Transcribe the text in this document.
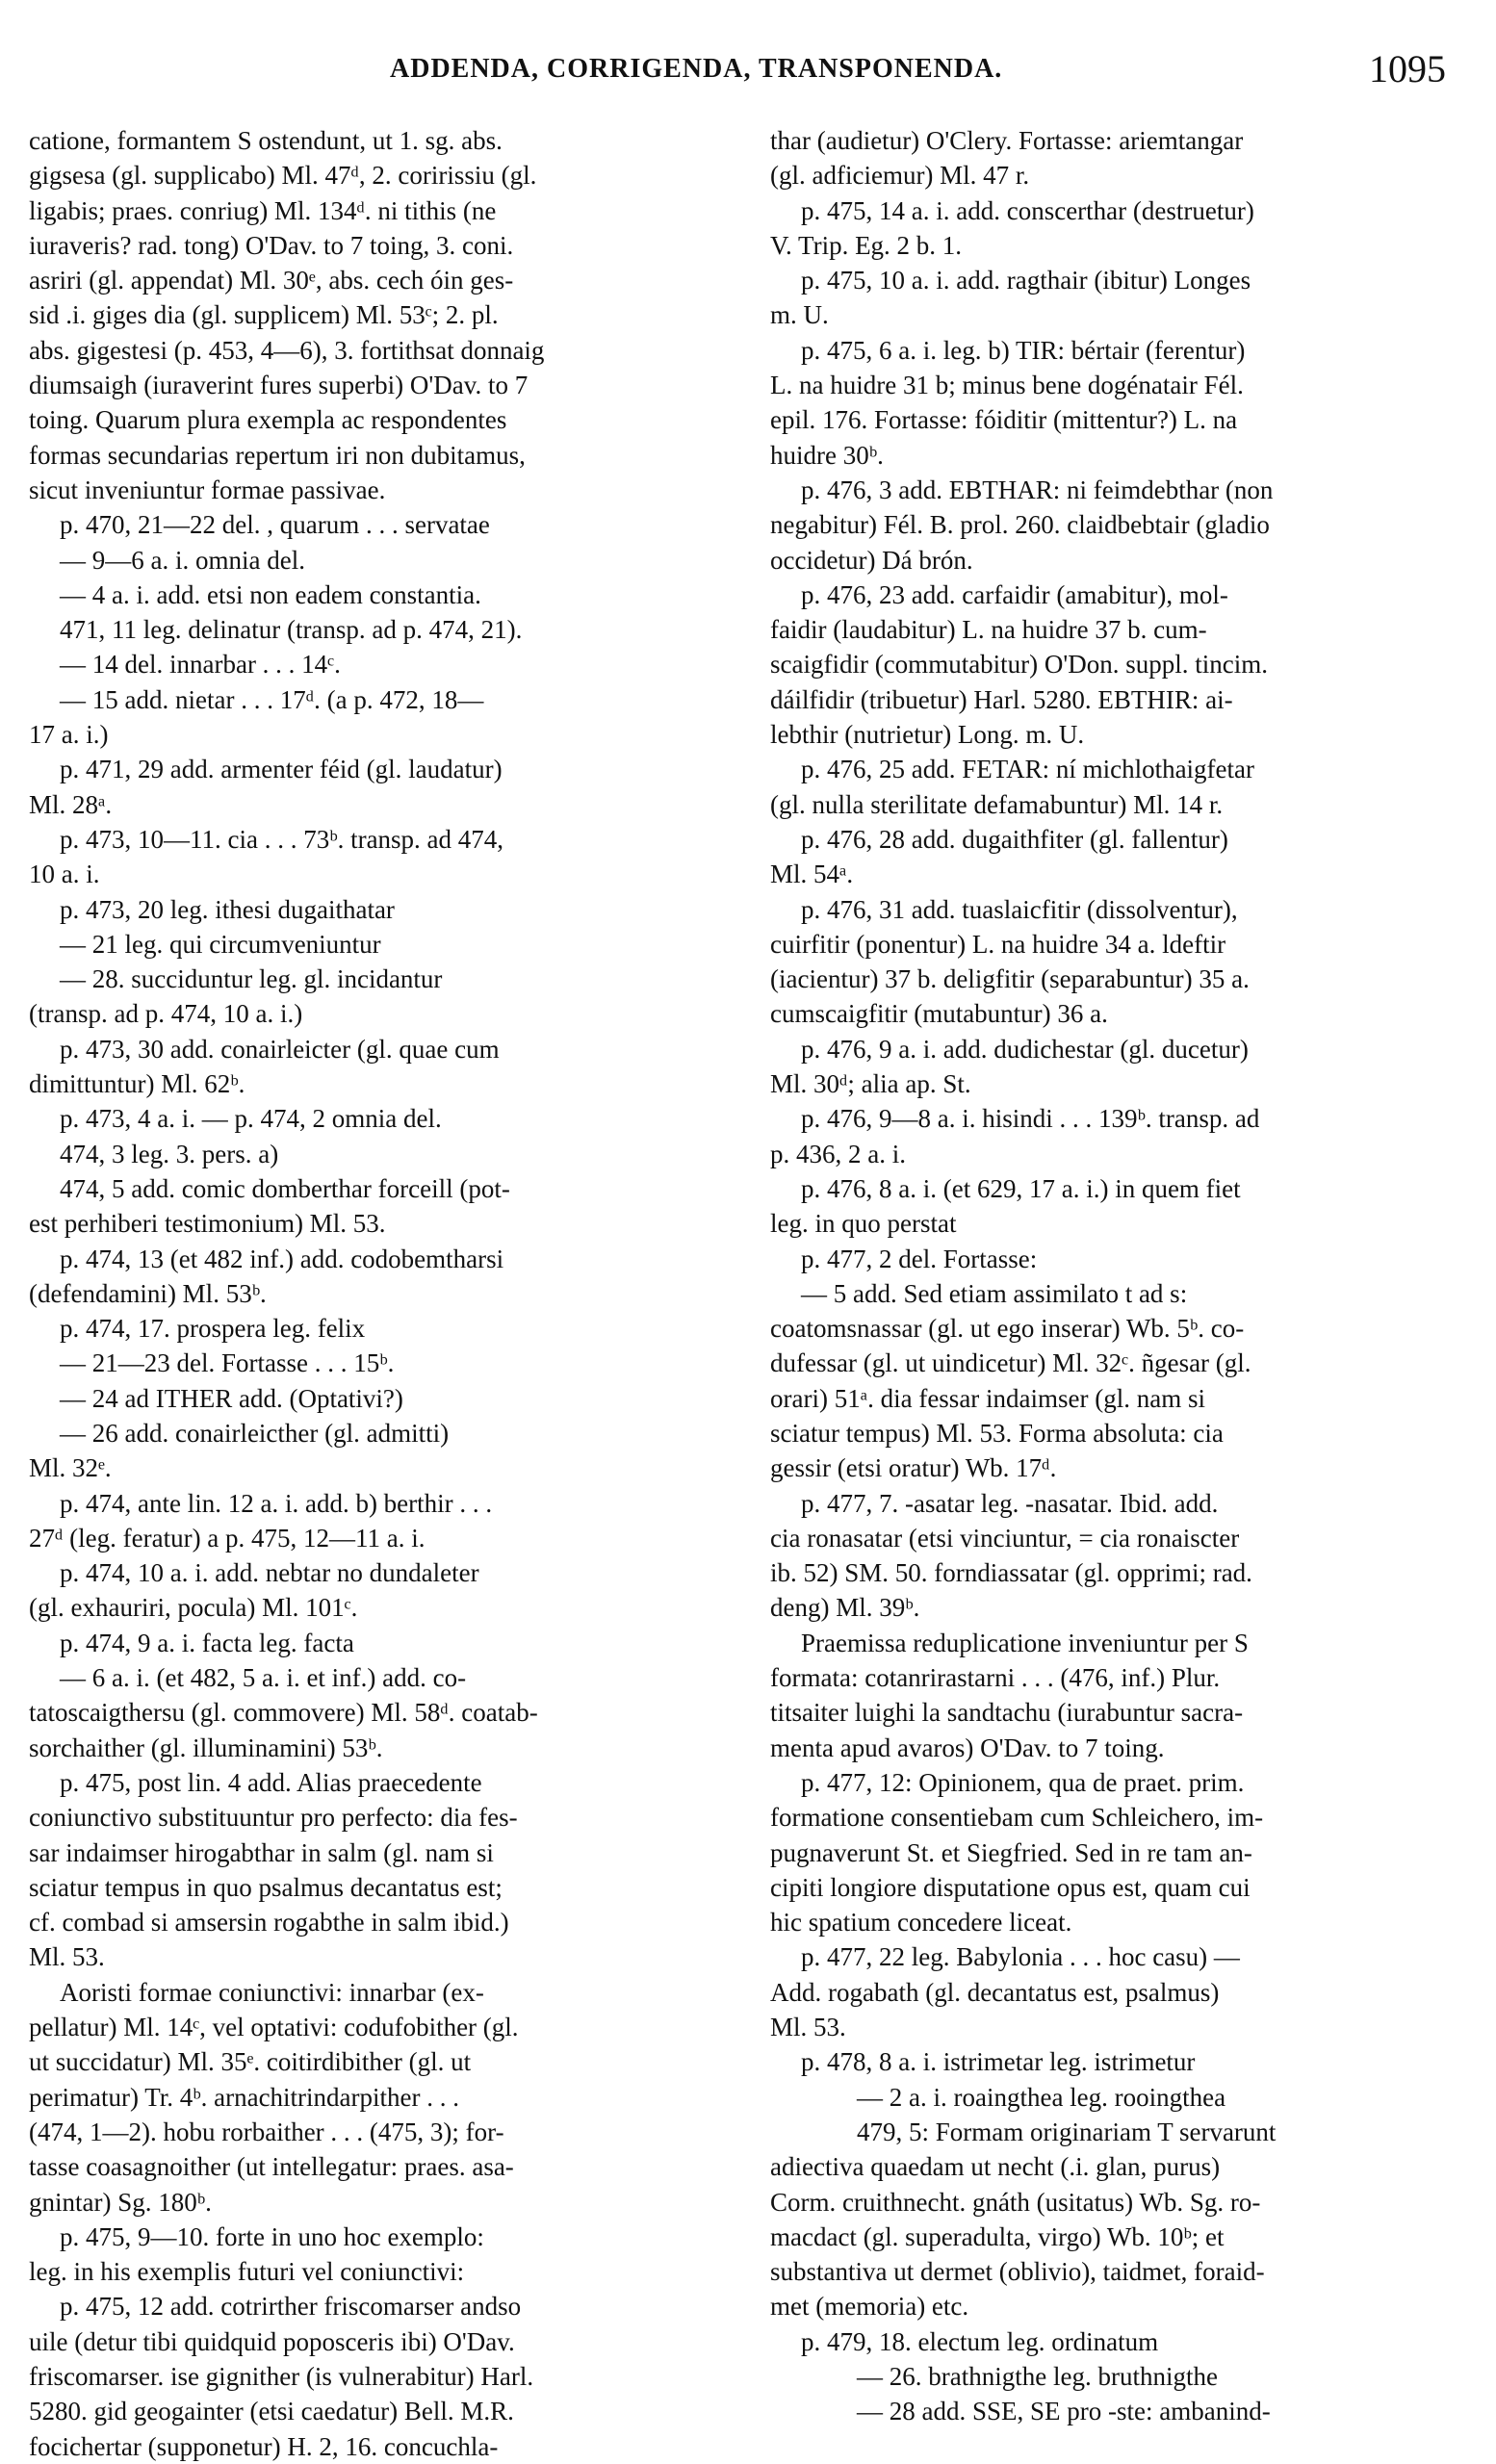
ADDENDA, CORRIGENDA, TRANSPONENDA.	1095
catione, formantem S ostendunt, ut 1. sg. abs.
gigsesa (gl. supplicabo) Ml. 47ᵈ, 2. coririssiu (gl.
ligabis; praes. conriug) Ml. 134ᵈ. ni tithis (ne
iuraveris? rad. tong) O'Dav. to 7 toing, 3. coni.
asriri (gl. appendat) Ml. 30ᵉ, abs. cech óin ges-
sid .i. giges dia (gl. supplicem) Ml. 53ᶜ; 2. pl.
abs. gigestesi (p. 453, 4—6), 3. fortithsat donnaig
diumsaigh (iuraverint fures superbi) O'Dav. to 7
toing. Quarum plura exempla ac respondentes
formas secundarias repertum iri non dubitamus,
sicut inveniuntur formae passivae.
p. 470, 21—22 del. , quarum . . . servatae
— 9—6 a. i. omnia del.
— 4 a. i. add. etsi non eadem constantia.
471, 11 leg. delinatur (transp. ad p. 474, 21).
— 14 del. innarbar . . . 14ᶜ.
— 15 add. nietar . . . 17ᵈ. (a p. 472, 18—
17 a. i.)
p. 471, 29 add. armenter féid (gl. laudatur)
Ml. 28ᵃ.
p. 473, 10—11. cia . . . 73ᵇ. transp. ad 474,
10 a. i.
p. 473, 20 leg. ithesi dugaithatar
— 21 leg. qui circumveniuntur
— 28. succiduntur leg. gl. incidantur
(transp. ad p. 474, 10 a. i.)
p. 473, 30 add. conairleicter (gl. quae cum
dimittuntur) Ml. 62ᵇ.
p. 473, 4 a. i. — p. 474, 2 omnia del.
474, 3 leg. 3. pers. a)
474, 5 add. comic domberthar forceill (pot-
est perhiberi testimonium) Ml. 53.
p. 474, 13 (et 482 inf.) add. codobemtharsi
(defendamini) Ml. 53ᵇ.
p. 474, 17. prospera leg. felix
— 21—23 del. Fortasse . . . 15ᵇ.
— 24 ad ITHER add. (Optativi?)
— 26 add. conairleicther (gl. admitti)
Ml. 32ᵉ.
p. 474, ante lin. 12 a. i. add. b) berthir . . .
27ᵈ (leg. feratur) a p. 475, 12—11 a. i.
p. 474, 10 a. i. add. nebtar no dundaleter
(gl. exhauriri, pocula) Ml. 101ᶜ.
p. 474, 9 a. i. facta leg. facta
— 6 a. i. (et 482, 5 a. i. et inf.) add. co-
tatoscaigthersu (gl. commovere) Ml. 58ᵈ. coatab-
sorchaither (gl. illuminamini) 53ᵇ.
p. 475, post lin. 4 add. Alias praecedente
coniunctivo substituuntur pro perfecto: dia fes-
sar indaimser hirogabthar in salm (gl. nam si
sciatur tempus in quo psalmus decantatus est;
cf. combad si amsersin rogabthe in salm ibid.)
Ml. 53.
Aoristi formae coniunctivi: innarbar (ex-
pellatur) Ml. 14ᶜ, vel optativi: codufobither (gl.
ut succidatur) Ml. 35ᵉ. coitirdibither (gl. ut
perimatur) Tr. 4ᵇ. arnachitrindarpither . . .
(474, 1—2). hobu rorbaither . . . (475, 3); for-
tasse coasagnoither (ut intellegatur: praes. asa-
gnintar) Sg. 180ᵇ.
p. 475, 9—10. forte in uno hoc exemplo:
leg. in his exemplis futuri vel coniunctivi:
p. 475, 12 add. cotrirther friscomarser andso
uile (detur tibi quidquid poposceris ibi) O'Dav.
friscomarser. ise gignither (is vulnerabitur) Harl.
5280. gid geogainter (etsi caedatur) Bell. M.R.
focichertar (supponetur) H. 2, 16. concuchla-
thar (audietur) O'Clery. Fortasse: ariemtangar
(gl. adficiemur) Ml. 47 r.
p. 475, 14 a. i. add. conscerthar (destruetur)
V. Trip. Eg. 2 b. 1.
p. 475, 10 a. i. add. ragthair (ibitur) Longes
m. U.
p. 475, 6 a. i. leg. b) TIR: bértair (ferentur)
L. na huidre 31 b; minus bene dogénatair Fél.
epil. 176. Fortasse: fóiditir (mittentur?) L. na
huidre 30ᵇ.
p. 476, 3 add. EBTHAR: ni feimdebthar (non
negabitur) Fél. B. prol. 260. claidbebtair (gladio
occidetur) Dá brón.
p. 476, 23 add. carfaidir (amabitur), mol-
faidir (laudabitur) L. na huidre 37 b. cum-
scaigfidir (commutabitur) O'Don. suppl. tincim.
dáilfidir (tribuetur) Harl. 5280. EBTHIR: ai-
lebthir (nutrietur) Long. m. U.
p. 476, 25 add. FETAR: ní michlothaigfetar
(gl. nulla sterilitate defamabuntur) Ml. 14 r.
p. 476, 28 add. dugaithfiter (gl. fallentur)
Ml. 54ᵃ.
p. 476, 31 add. tuaslaicfitir (dissolventur),
cuirfitir (ponentur) L. na huidre 34 a. ldeftir
(iacientur) 37 b. deligfitir (separabuntur) 35 a.
cumscaigfitir (mutabuntur) 36 a.
p. 476, 9 a. i. add. dudichestar (gl. ducetur)
Ml. 30ᵈ; alia ap. St.
p. 476, 9—8 a. i. hisindi . . . 139ᵇ. transp. ad
p. 436, 2 a. i.
p. 476, 8 a. i. (et 629, 17 a. i.) in quem fiet
leg. in quo perstat
p. 477, 2 del. Fortasse:
— 5 add. Sed etiam assimilato t ad s:
coatomsnassar (gl. ut ego inserar) Wb. 5ᵇ. co-
dufessar (gl. ut uindicetur) Ml. 32ᶜ. ñgesar (gl.
orari) 51ᵃ. dia fessar indaimser (gl. nam si
sciatur tempus) Ml. 53. Forma absoluta: cia
gessir (etsi oratur) Wb. 17ᵈ.
p. 477, 7. -asatar leg. -nasatar. Ibid. add.
cia ronasatar (etsi vinciuntur, = cia ronaiscter
ib. 52) SM. 50. forndiassatar (gl. opprimi; rad.
deng) Ml. 39ᵇ.
Praemissa reduplicatione inveniuntur per S
formata: cotanrirastarni . . . (476, inf.) Plur.
titsaiter luighi la sandtachu (iurabuntur sacra-
menta apud avaros) O'Dav. to 7 toing.
p. 477, 12: Opinionem, qua de praet. prim.
formatione consentiebam cum Schleichero, im-
pugnaverunt St. et Siegfried. Sed in re tam an-
cipiti longiore disputatione opus est, quam cui
hic spatium concedere liceat.
p. 477, 22 leg. Babylonia . . . hoc casu) —
Add. rogabath (gl. decantatus est, psalmus)
Ml. 53.
p. 478, 8 a. i. istrimetar leg. istrimetur
— 2 a. i. roaingthea leg. rooingthea
479, 5: Formam originariam T servarunt
adiectiva quaedam ut necht (.i. glan, purus)
Corm. cruithnecht. gnáth (usitatus) Wb. Sg. ro-
macdact (gl. superadulta, virgo) Wb. 10ᵇ; et
substantiva ut dermet (oblivio), taidmet, foraid-
met (memoria) etc.
p. 479, 18. electum leg. ordinatum
— 26. brathnigthe leg. bruthnigthe
— 28 add. SSE, SE pro -ste: ambanind-
